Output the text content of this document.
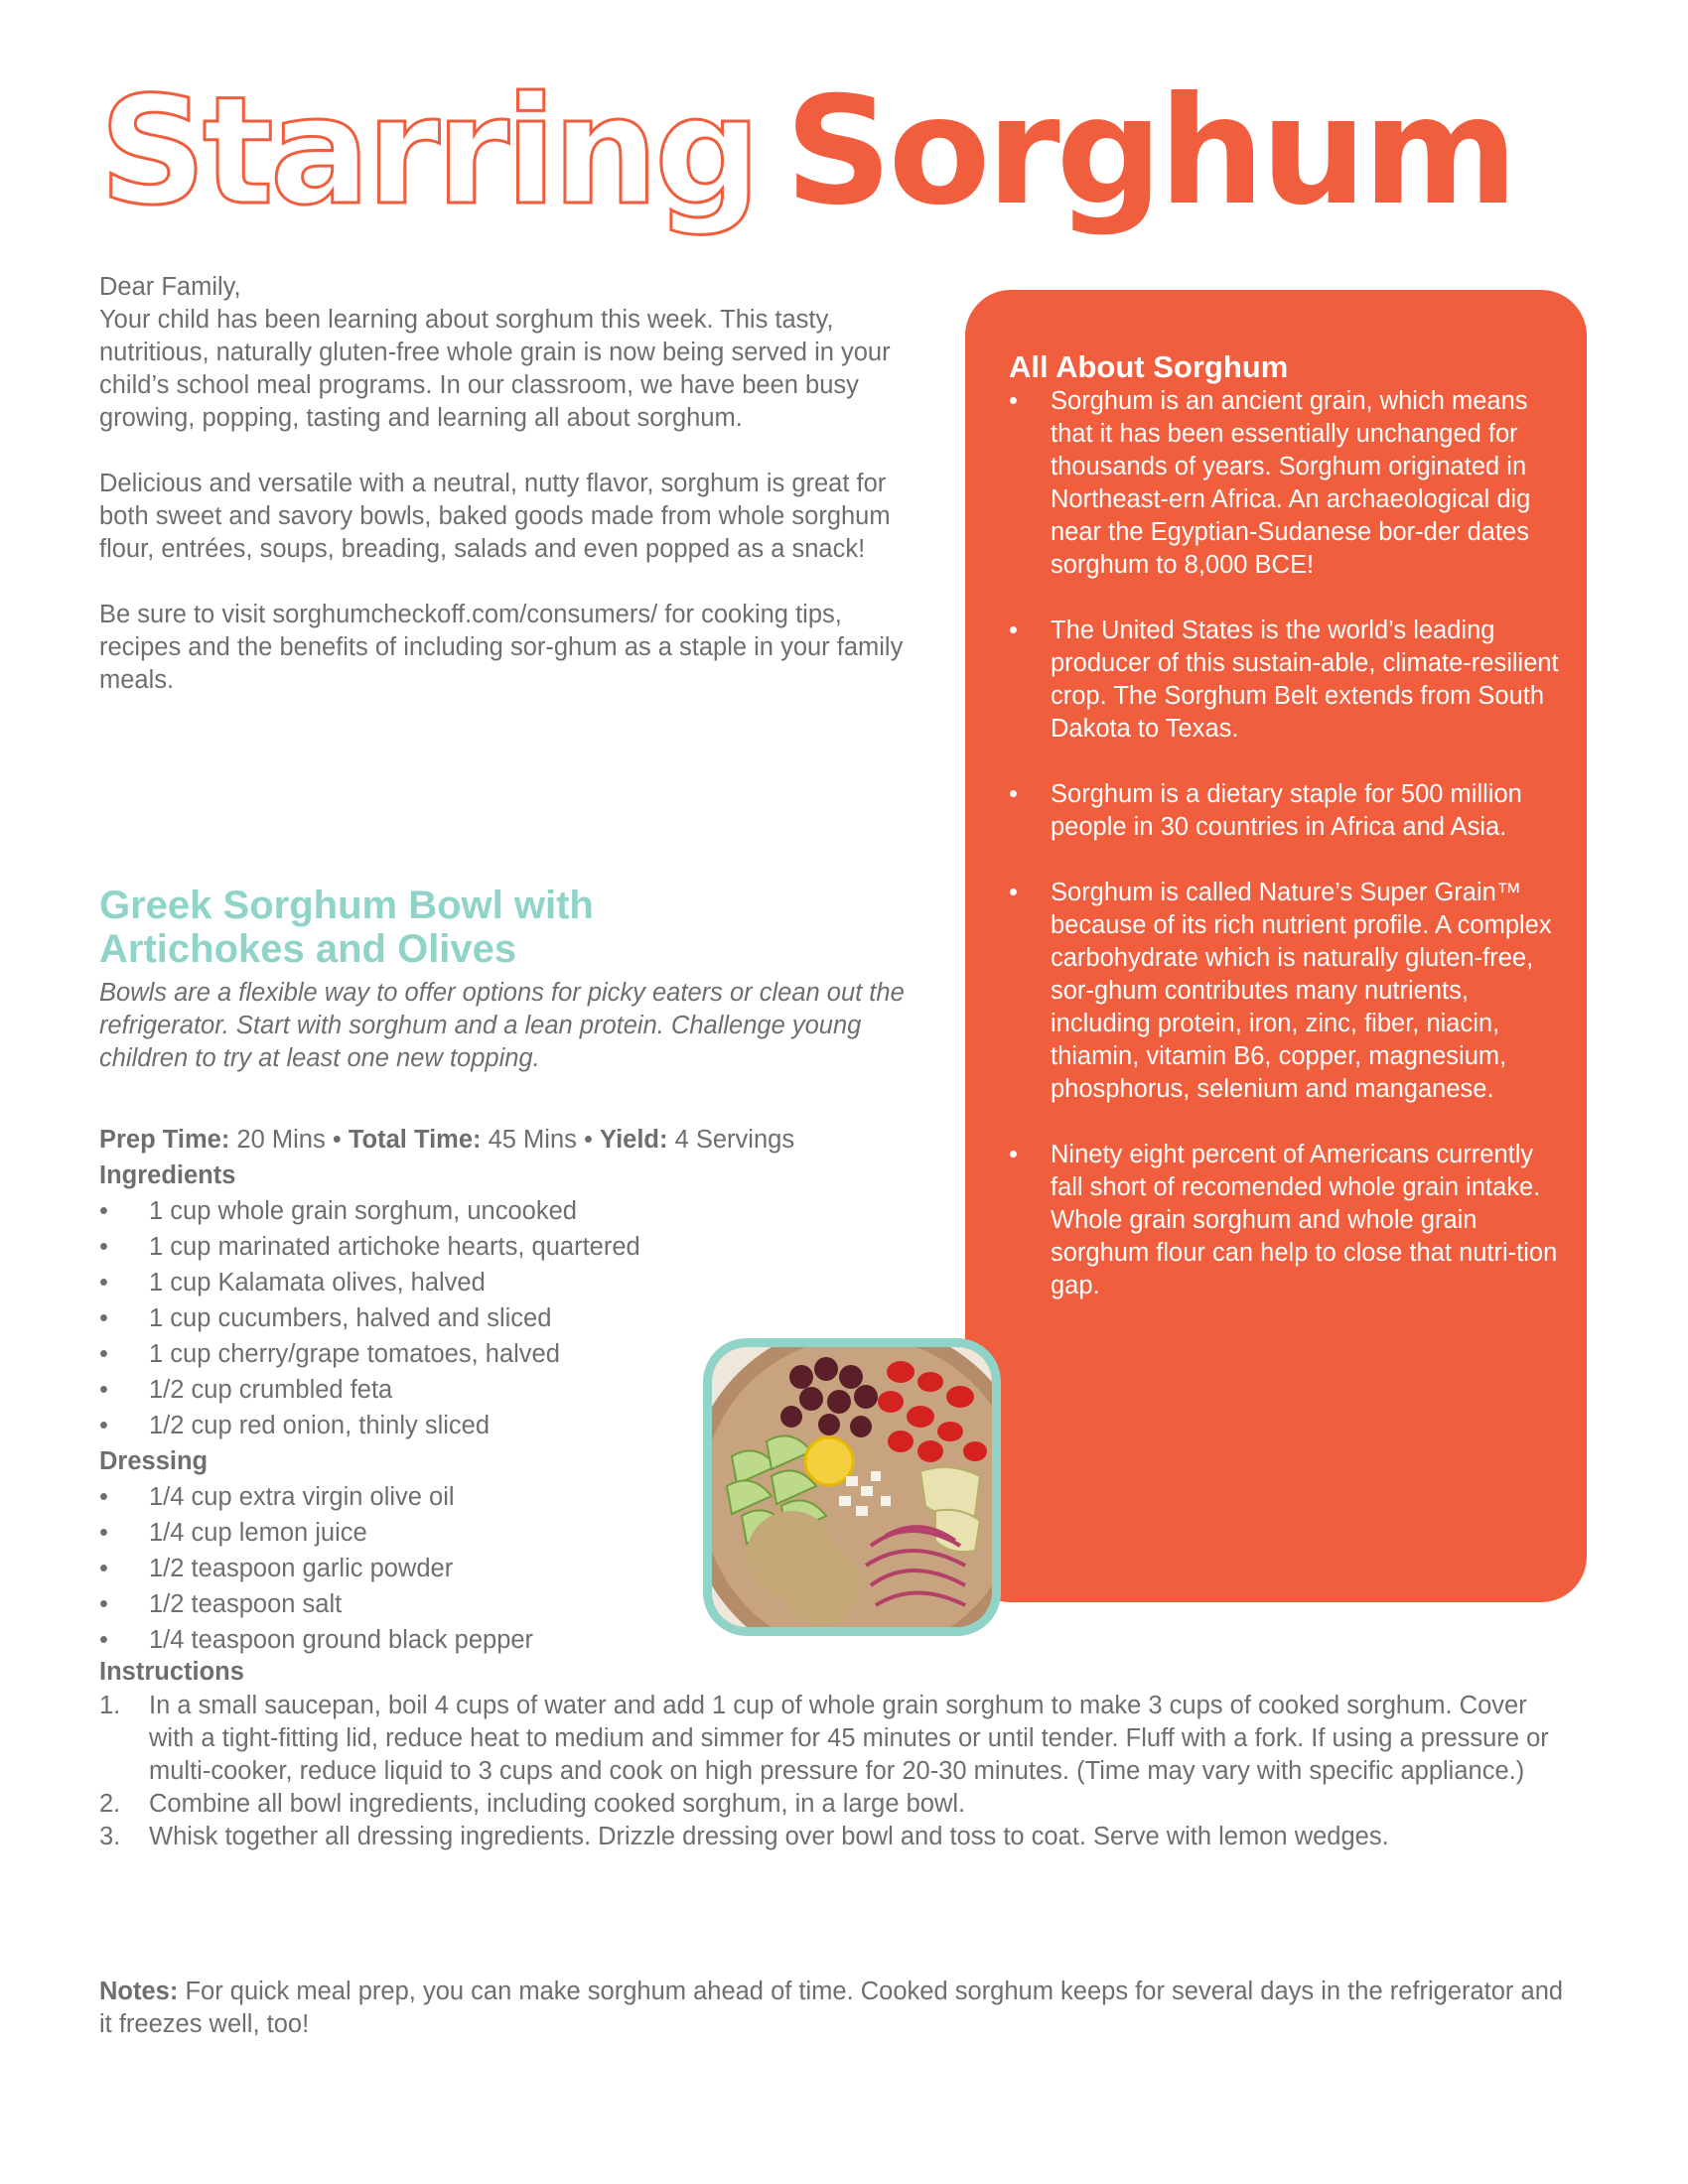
Starring Sorghum
Dear Family,

Your child has been learning about sorghum this week. This tasty, nutritious, naturally gluten-free whole grain is now being served in your child’s school meal programs. In our classroom, we have been busy growing, popping, tasting and learning all about sorghum.

Delicious and versatile with a neutral, nutty flavor, sorghum is great for both sweet and savory bowls, baked goods made from whole sorghum flour, entrées, soups, breading, salads and even popped as a snack!

Be sure to visit sorghumcheckoff.com/consumers/ for cooking tips, recipes and the benefits of including sor-ghum as a staple in your family meals.

All About Sorghum
• Sorghum is an ancient grain, which means that it has been essentially unchanged for thousands of years. Sorghum originated in Northeast-ern Africa. An archaeological dig near the Egyptian-Sudanese bor-der dates sorghum to 8,000 BCE!
• The United States is the world’s leading producer of this sustain-able, climate-resilient crop. The Sorghum Belt extends from South Dakota to Texas.
• Sorghum is a dietary staple for 500 million people in 30 countries in Africa and Asia.
• Sorghum is called Nature’s Super Grain™ because of its rich nutrient profile. A complex carbohydrate which is naturally gluten-free, sor-ghum contributes many nutrients, including protein, iron, zinc, fiber, niacin, thiamin, vitamin B6, copper, magnesium, phosphorus, selenium and manganese.
• Ninety eight percent of Americans currently fall short of recomended whole grain intake. Whole grain sorghum and whole grain sorghum flour can help to close that nutri-tion gap.
Greek Sorghum Bowl with Artichokes and Olives
Bowls are a flexible way to offer options for picky eaters or clean out the refrigerator. Start with sorghum and a lean protein. Challenge young children to try at least one new topping.
Prep Time: 20 Mins • Total Time: 45 Mins • Yield: 4 Servings
Ingredients
• 1 cup whole grain sorghum, uncooked
• 1 cup marinated artichoke hearts, quartered
• 1 cup Kalamata olives, halved
• 1 cup cucumbers, halved and sliced
• 1 cup cherry/grape tomatoes, halved
• 1/2 cup crumbled feta
• 1/2 cup red onion, thinly sliced
Dressing
• 1/4 cup extra virgin olive oil
• 1/4 cup lemon juice
• 1/2 teaspoon garlic powder
• 1/2 teaspoon salt
• 1/4 teaspoon ground black pepper
Instructions
1. In a small saucepan, boil 4 cups of water and add 1 cup of whole grain sorghum to make 3 cups of cooked sorghum. Cover with a tight-fitting lid, reduce heat to medium and simmer for 45 minutes or until tender. Fluff with a fork. If using a pressure or multi-cooker, reduce liquid to 3 cups and cook on high pressure for 20-30 minutes. (Time may vary with specific appliance.)
2. Combine all bowl ingredients, including cooked sorghum, in a large bowl.
3. Whisk together all dressing ingredients. Drizzle dressing over bowl and toss to coat. Serve with lemon wedges.
Notes: For quick meal prep, you can make sorghum ahead of time. Cooked sorghum keeps for several days in the refrigerator and it freezes well, too!
